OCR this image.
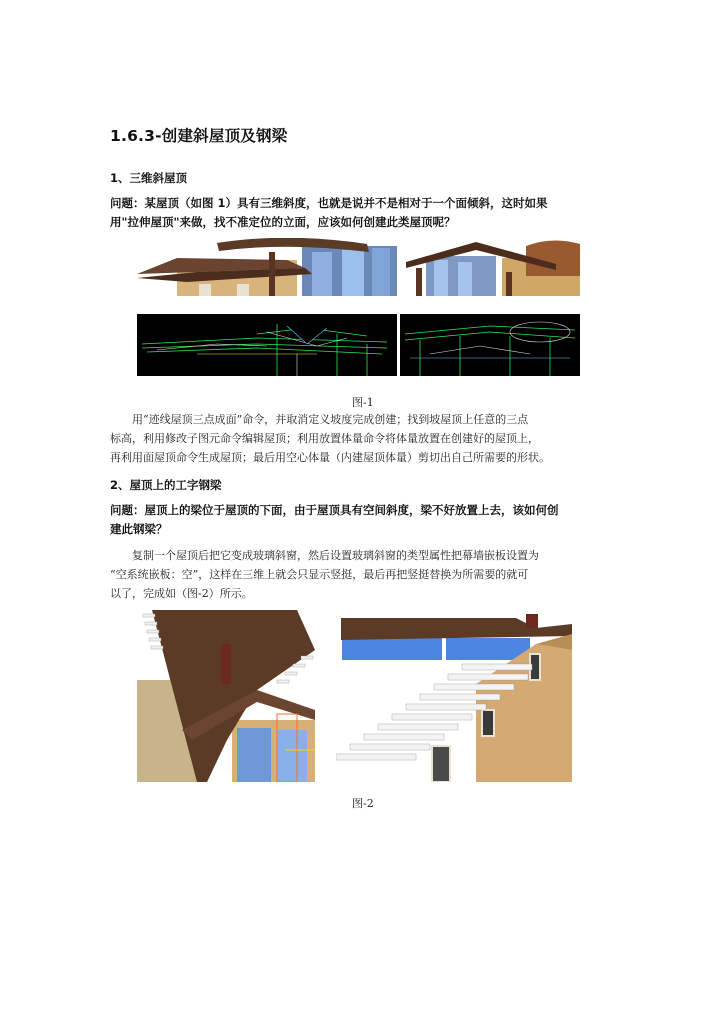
1.6.3-创建斜屋顶及钢梁
1、三维斜屋顶
问题：某屋顶（如图 1）具有三维斜度，也就是说并不是相对于一个面倾斜，这时如果
用"拉伸屋顶"来做，找不准定位的立面，应该如何创建此类屋顶呢？
图-1
用“迹线屋顶三点成面”命令，并取消定义坡度完成创建；找到坡屋顶上任意的三点
标高，利用修改子图元命令编辑屋顶；利用放置体量命令将体量放置在创建好的屋顶上，
再利用面屋顶命令生成屋顶；最后用空心体量（内建屋顶体量）剪切出自己所需要的形状。
2、屋顶上的工字钢梁
问题：屋顶上的梁位于屋顶的下面，由于屋顶具有空间斜度，梁不好放置上去，该如何创
建此钢梁？
复制一个屋顶后把它变成玻璃斜窗，然后设置玻璃斜窗的类型属性把幕墙嵌板设置为
“空系统嵌板：空”，这样在三维上就会只显示竖挺，最后再把竖挺替换为所需要的就可
以了，完成如（图-2）所示。
图-2
